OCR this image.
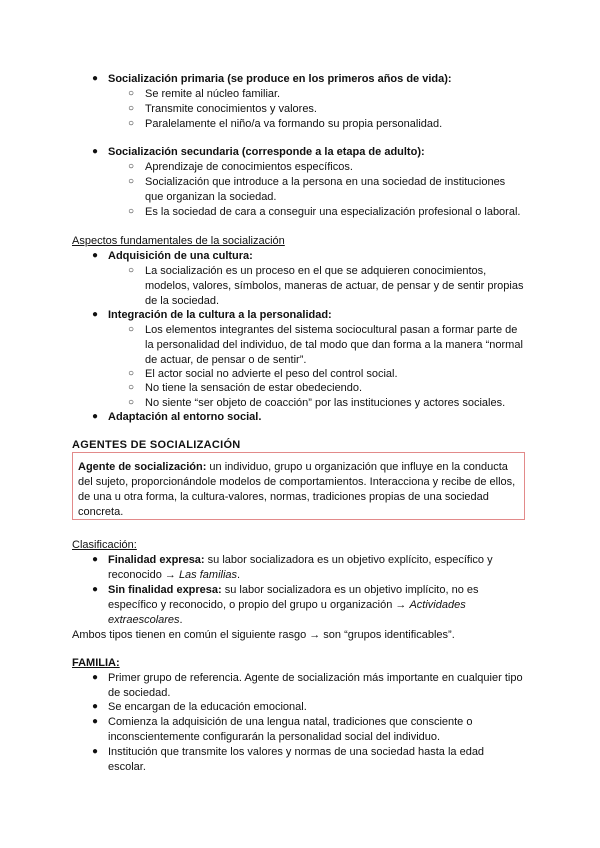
● Socialización primaria (se produce en los primeros años de vida):
○ Se remite al núcleo familiar.
○ Transmite conocimientos y valores.
○ Paralelamente el niño/a va formando su propia personalidad.
● Socialización secundaria (corresponde a la etapa de adulto):
○ Aprendizaje de conocimientos específicos.
○ Socialización que introduce a la persona en una sociedad de instituciones
que organizan la sociedad.
○ Es la sociedad de cara a conseguir una especialización profesional o laboral.
Aspectos fundamentales de la socialización
● Adquisición de una cultura:
○ La socialización es un proceso en el que se adquieren conocimientos,
modelos, valores, símbolos, maneras de actuar, de pensar y de sentir propias
de la sociedad.
● Integración de la cultura a la personalidad:
○ Los elementos integrantes del sistema sociocultural pasan a formar parte de
la personalidad del individuo, de tal modo que dan forma a la manera “normal
de actuar, de pensar o de sentir”.
○ El actor social no advierte el peso del control social.
○ No tiene la sensación de estar obedeciendo.
○ No siente “ser objeto de coacción” por las instituciones y actores sociales.
● Adaptación al entorno social.
AGENTES DE SOCIALIZACIÓN
Agente de socialización: un individuo, grupo u organización que influye en la conducta
del sujeto, proporcionándole modelos de comportamientos. Interacciona y recibe de ellos,
de una u otra forma, la cultura-valores, normas, tradiciones propias de una sociedad
concreta.
Clasificación:
● Finalidad expresa: su labor socializadora es un objetivo explícito, específico y
reconocido → Las familias.
● Sin finalidad expresa: su labor socializadora es un objetivo implícito, no es
específico y reconocido, o propio del grupo u organización → Actividades
extraescolares.
Ambos tipos tienen en común el siguiente rasgo → son “grupos identificables”.
FAMILIA:
● Primer grupo de referencia. Agente de socialización más importante en cualquier tipo
de sociedad.
● Se encargan de la educación emocional.
● Comienza la adquisición de una lengua natal, tradiciones que consciente o
inconscientemente configurarán la personalidad social del individuo.
● Institución que transmite los valores y normas de una sociedad hasta la edad
escolar.
